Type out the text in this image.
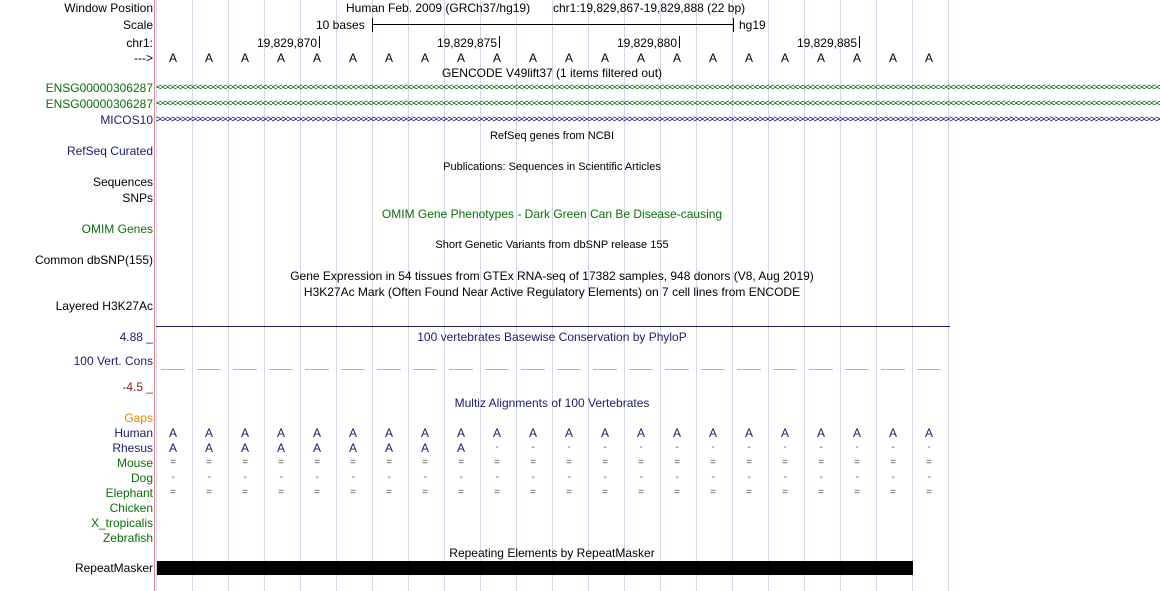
Window Position	Human Feb. 2009 (GRCh37/hg19) chr1:19,829,867-19,829,888 (22 bp)
Scale	10 bases	hg19
chr1:	19,829,870	19,829,875	19,829,880	19,829,885
---> A A A A A A A A A A A A A A A A A A A A A A
GENCODE V49lift37 (1 items filtered out)
ENSG00000306287 <<<<<<<<<<<<<<<<<<<<<<<<<<<<<<<<<<<<<<<<<<<<<<<<<<<<<<<<<<<<<<<<<<<<<<<<<<<<<<<<<<<<<<<<<<<<<<<<<<<<<<<<<<<<<<<<<<<<<<<<<<<<<<<<<<<<<<<<<<<<<<<<<<<<<<<<<<<<<<<<<<<<<<<<<<<<<<<<<<<<<<<<<<<<<<<<<<<<<<<<
ENSG00000306287 <<<<<<<<<<<<<<<<<<<<<<<<<<<<<<<<<<<<<<<<<<<<<<<<<<<<<<<<<<<<<<<<<<<<<<<<<<<<<<<<<<<<<<<<<<<<<<<<<<<<<<<<<<<<<<<<<<<<<<<<<<<<<<<<<<<<<<<<<<<<<<<<<<<<<<<<<<<<<<<<<<<<<<<<<<<<<<<<<<<<<<<<<<<<<<<<<<<<<<<<
MICOS10 >>>>>>>>>>>>>>>>>>>>>>>>>>>>>>>>>>>>>>>>>>>>>>>>>>>>>>>>>>>>>>>>>>>>>>>>>>>>>>>>>>>>>>>>>>>>>>>>>>>>>>>>>>>>>>>>>>>>>>>>>>>>>>>>>>>>>>>>>>>>>>>>>>>>>>>>>>>>>>>>>>>>>>>>>>>>>>>>>>>>>>>>>>>>>>>>>>>>>>>>
RefSeq genes from NCBI
RefSeq Curated
Publications: Sequences in Scientific Articles
Sequences
SNPs
OMIM Gene Phenotypes - Dark Green Can Be Disease-causing
OMIM Genes
Short Genetic Variants from dbSNP release 155
Common dbSNP(155)
Gene Expression in 54 tissues from GTEx RNA-seq of 17382 samples, 948 donors (V8, Aug 2019)
H3K27Ac Mark (Often Found Near Active Regulatory Elements) on 7 cell lines from ENCODE
Layered H3K27Ac
100 vertebrates Basewise Conservation by PhyloP
4.88 _
100 Vert. Cons
-4.5 _
Multiz Alignments of 100 Vertebrates
Gaps
Human A A A A A A A A A A A A A A A A A A A A A A
Rhesus A A A A A A A A A	-	-	-	-	-	-	-	-	-	-	-	-	-
Mouse	=	=	=	=	=	=	=	=	=	=	=	=	=	=	=	=	=	=	=	=	=	=
Dog	-	-	-	-	-	-	-	-	-	-	-	-	-	-	-	-	-	-	-	-	-	-
Elephant	=	=	=	=	=	=	=	=	=	=	=	=	=	=	=	=	=	=	=	=	=	=
Chicken
X_tropicalis
Zebrafish
Repeating Elements by RepeatMasker
RepeatMasker
